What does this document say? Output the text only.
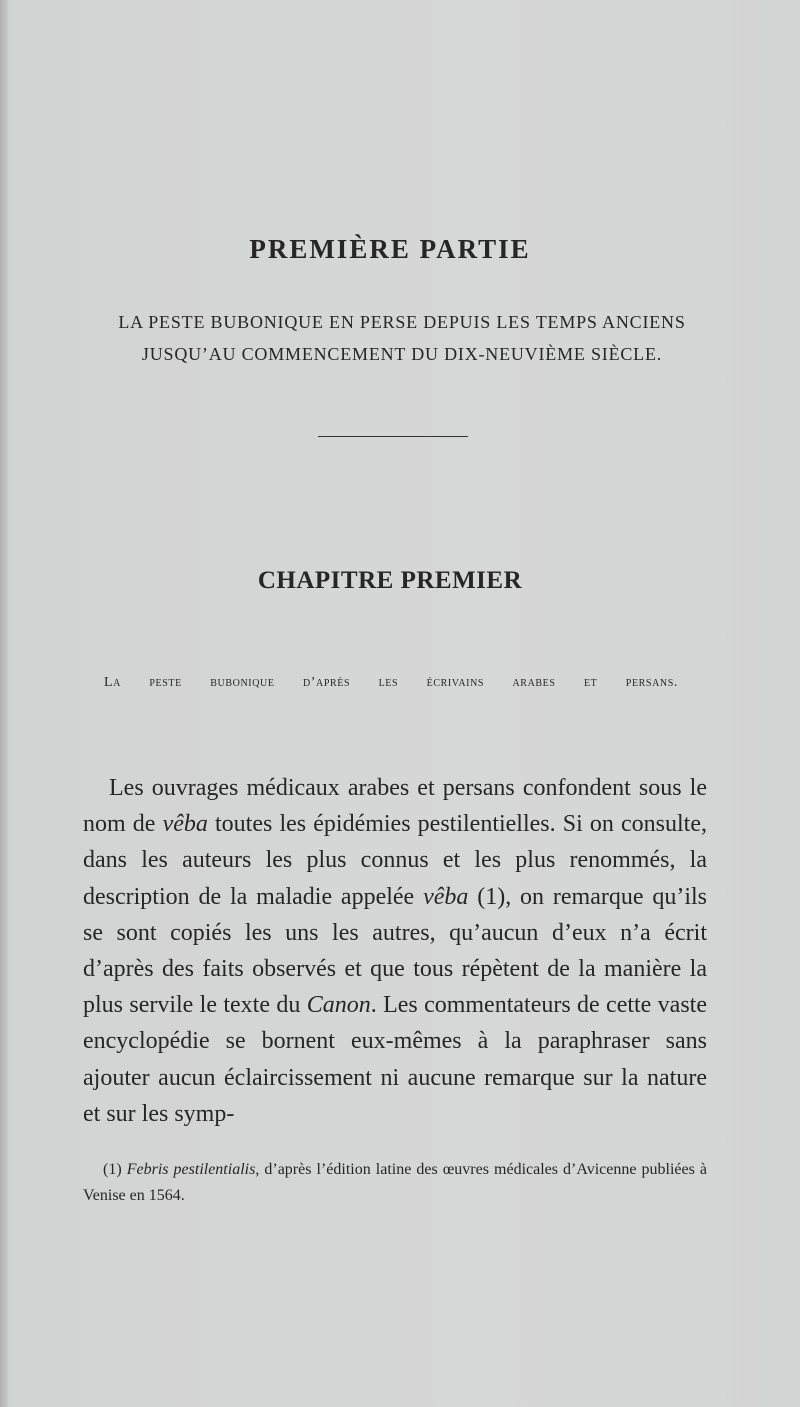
PREMIÈRE PARTIE

LA PESTE BUBONIQUE EN PERSE DEPUIS LES TEMPS ANCIENS JUSQU’AU COMMENCEMENT DU DIX-NEUVIÈME SIÈCLE.

CHAPITRE PREMIER

La peste bubonique d’après les écrivains arabes et persans.

Les ouvrages médicaux arabes et persans confondent sous le nom de vêba toutes les épidémies pestilentielles. Si on consulte, dans les auteurs les plus connus et les plus renommés, la description de la maladie appelée vêba (1), on remarque qu’ils se sont copiés les uns les autres, qu’aucun d’eux n’a écrit d’après des faits observés et que tous répètent de la manière la plus servile le texte du Canon. Les commentateurs de cette vaste encyclopédie se bornent eux-mêmes à la paraphraser sans ajouter aucun éclaircissement ni aucune remarque sur la nature et sur les symp-

(1) Febris pestilentialis, d’après l’édition latine des œuvres médicales d’Avicenne publiées à Venise en 1564.
